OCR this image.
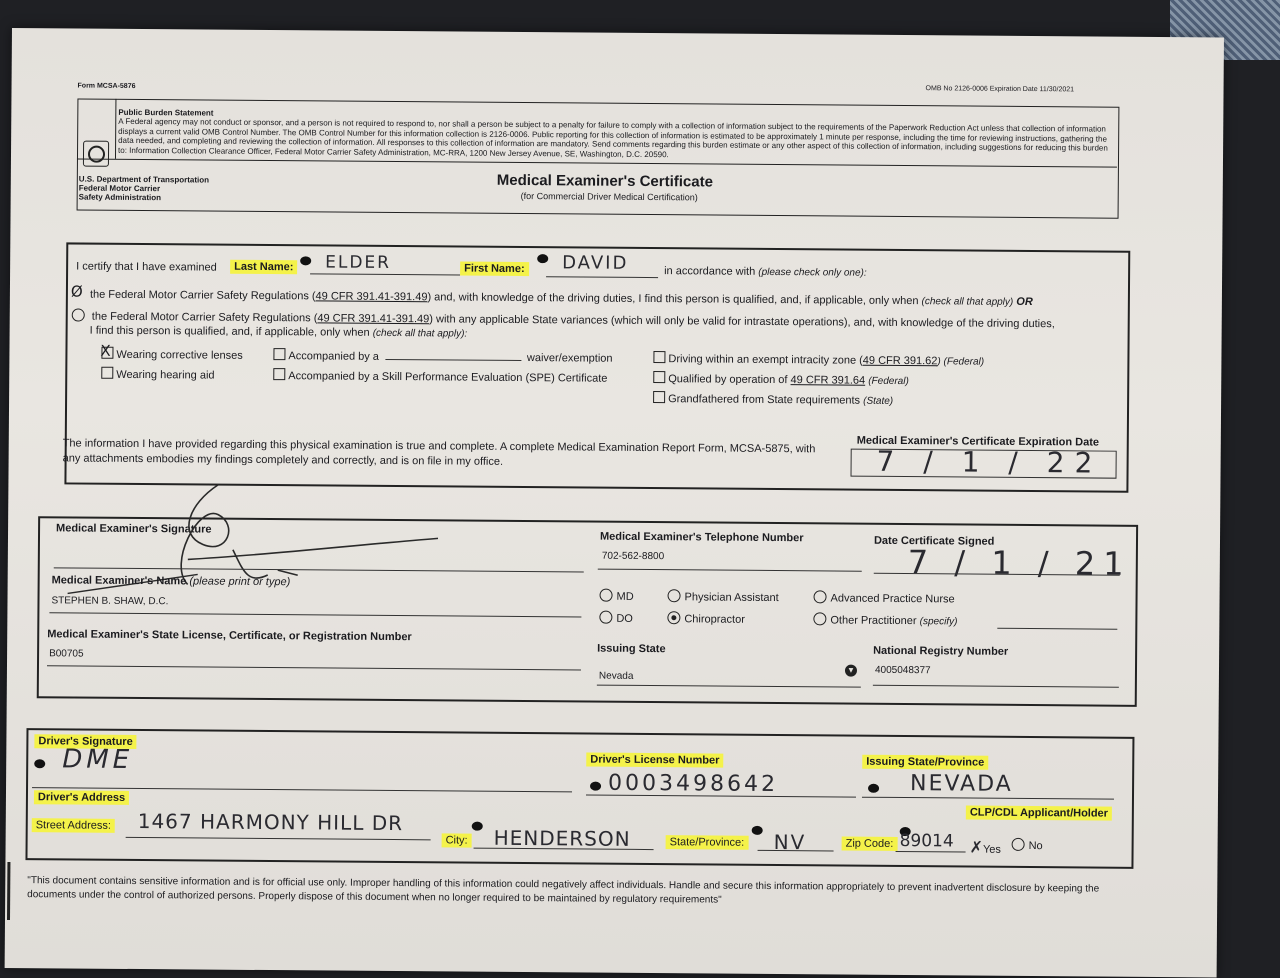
Form MCSA-5876	OMB No 2126-0006 Expiration Date 11/30/2021
Public Burden Statement
A Federal agency may not conduct or sponsor, and a person is not required to respond to, nor shall a person be subject to a penalty for failure to comply with a collection of information subject to the requirements of the Paperwork Reduction Act unless that collection of information displays a current valid OMB Control Number. The OMB Control Number for this information collection is 2126-0006. Public reporting for this collection of information is estimated to be approximately 1 minute per response, including the time for reviewing instructions, gathering the data needed, and completing and reviewing the collection of information. All responses to this collection of information are mandatory. Send comments regarding this burden estimate or any other aspect of this collection of information, including suggestions for reducing this burden to: Information Collection Clearance Officer, Federal Motor Carrier Safety Administration, MC-RRA, 1200 New Jersey Avenue, SE, Washington, D.C. 20590.
U.S. Department of Transportation
Federal Motor Carrier
Safety Administration
Medical Examiner's Certificate
(for Commercial Driver Medical Certification)
I certify that I have examined	Last Name: ELDER	First Name: DAVID	in accordance with (please check only one):
Ø the Federal Motor Carrier Safety Regulations (49 CFR 391.41-391.49) and, with knowledge of the driving duties, I find this person is qualified, and, if applicable, only when (check all that apply) OR
the Federal Motor Carrier Safety Regulations (49 CFR 391.41-391.49) with any applicable State variances (which will only be valid for intrastate operations), and, with knowledge of the driving duties,
I find this person is qualified, and, if applicable, only when (check all that apply):
XWearing corrective lenses
Wearing hearing aid
Accompanied by a	waiver/exemption
Accompanied by a Skill Performance Evaluation (SPE) Certificate
Driving within an exempt intracity zone (49 CFR 391.62) (Federal)
Qualified by operation of 49 CFR 391.64 (Federal)
Grandfathered from State requirements (State)
The information I have provided regarding this physical examination is true and complete. A complete Medical Examination Report Form, MCSA-5875, with any attachments embodies my findings completely and correctly, and is on file in my office.
Medical Examiner's Certificate Expiration Date
7 / 1 / 22
Medical Examiner's Signature
Medical Examiner's Name (please print or type)
STEPHEN B. SHAW, D.C.
Medical Examiner's State License, Certificate, or Registration Number
B00705
Medical Examiner's Telephone Number
702-562-8800
Date Certificate Signed
7 / 1 / 21
MD
DO
Physician Assistant
Chiropractor
Advanced Practice Nurse
Other Practitioner (specify)
Issuing State
Nevada
▼
National Registry Number
4005048377
Driver's Signature
DME	Driver's License Number
0003498642
Issuing State/Province
NEVADA
Driver's Address
CLP/CDL Applicant/Holder
Street Address: 1467 HARMONY HILL DR
City: HENDERSON	State/Province: NV	Zip Code: 89014 ✗Yes	No
"This document contains sensitive information and is for official use only. Improper handling of this information could negatively affect individuals. Handle and secure this information appropriately to prevent inadvertent disclosure by keeping the documents under the control of authorized persons. Properly dispose of this document when no longer required to be maintained by regulatory requirements"
